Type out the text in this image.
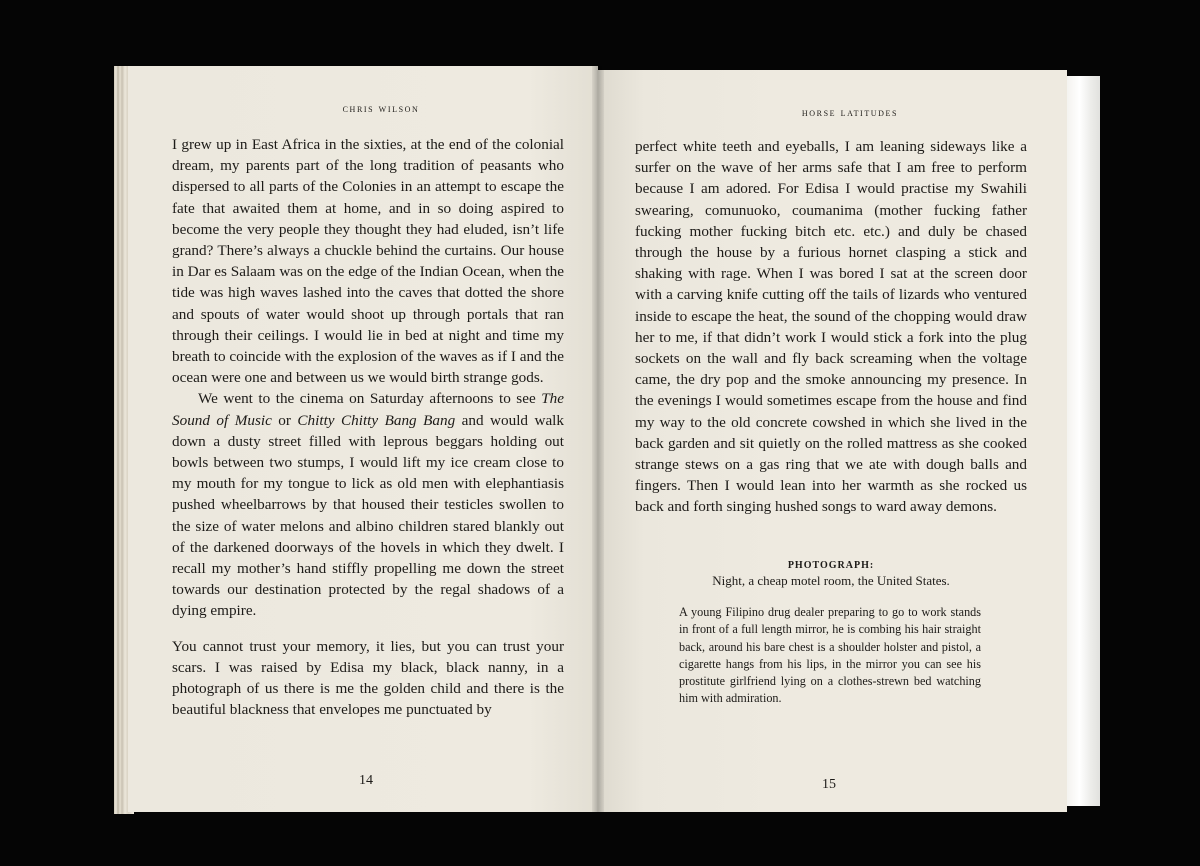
chris wilson

I grew up in East Africa in the sixties, at the end of the colonial dream, my parents part of the long tradition of peasants who dispersed to all parts of the Colonies in an attempt to escape the fate that awaited them at home, and in so doing aspired to become the very people they thought they had eluded, isn’t life grand? There’s always a chuckle behind the curtains. Our house in Dar es Salaam was on the edge of the Indian Ocean, when the tide was high waves lashed into the caves that dotted the shore and spouts of water would shoot up through portals that ran through their ceilings. I would lie in bed at night and time my breath to coincide with the explosion of the waves as if I and the ocean were one and between us we would birth strange gods.

We went to the cinema on Saturday afternoons to see The Sound of Music or Chitty Chitty Bang Bang and would walk down a dusty street filled with leprous beggars holding out bowls between two stumps, I would lift my ice cream close to my mouth for my tongue to lick as old men with elephantiasis pushed wheelbarrows by that housed their testicles swollen to the size of water melons and albino children stared blankly out of the darkened doorways of the hovels in which they dwelt. I recall my mother’s hand stiffly propelling me down the street towards our destination protected by the regal shadows of a dying empire.

You cannot trust your memory, it lies, but you can trust your scars. I was raised by Edisa my black, black nanny, in a photograph of us there is me the golden child and there is the beautiful blackness that envelopes me punctuated by

14
horse latitudes

perfect white teeth and eyeballs, I am leaning sideways like a surfer on the wave of her arms safe that I am free to perform because I am adored. For Edisa I would practise my Swahili swearing, comunuoko, coumanima (mother fucking father fucking mother fucking bitch etc. etc.) and duly be chased through the house by a furious hornet clasping a stick and shaking with rage. When I was bored I sat at the screen door with a carving knife cutting off the tails of lizards who ventured inside to escape the heat, the sound of the chopping would draw her to me, if that didn’t work I would stick a fork into the plug sockets on the wall and fly back screaming when the voltage came, the dry pop and the smoke announcing my presence. In the evenings I would sometimes escape from the house and find my way to the old concrete cowshed in which she lived in the back garden and sit quietly on the rolled mattress as she cooked strange stews on a gas ring that we ate with dough balls and fingers. Then I would lean into her warmth as she rocked us back and forth singing hushed songs to ward away demons.

PHOTOGRAPH:

Night, a cheap motel room, the United States.

A young Filipino drug dealer preparing to go to work stands in front of a full length mirror, he is combing his hair straight back, around his bare chest is a shoulder holster and pistol, a cigarette hangs from his lips, in the mirror you can see his prostitute girlfriend lying on a clothes-strewn bed watching him with admiration.

15
